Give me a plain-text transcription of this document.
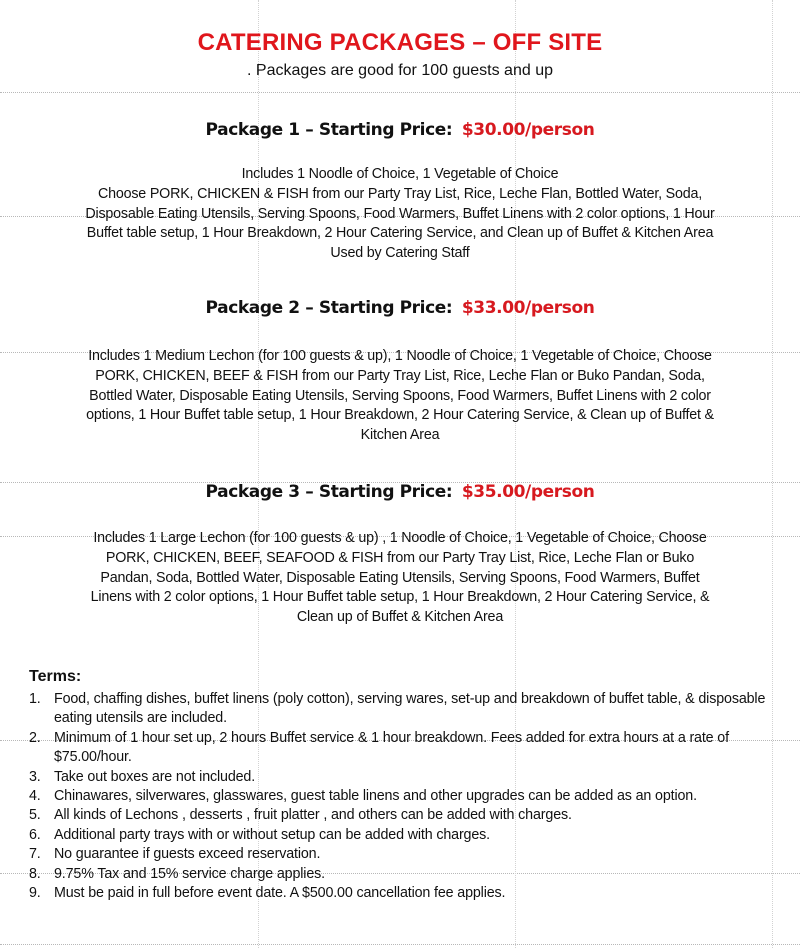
CATERING PACKAGES – OFF SITE
. Packages are good for 100 guests and up
Package 1 – Starting Price: $30.00/person
Includes 1 Noodle of Choice, 1 Vegetable of Choice
Choose PORK, CHICKEN & FISH from our Party Tray List, Rice, Leche Flan, Bottled Water, Soda,
Disposable Eating Utensils, Serving Spoons, Food Warmers, Buffet Linens with 2 color options, 1 Hour
Buffet table setup, 1 Hour Breakdown, 2 Hour Catering Service, and Clean up of Buffet & Kitchen Area
Used by Catering Staff
Package 2 – Starting Price: $33.00/person
Includes 1 Medium Lechon (for 100 guests & up), 1 Noodle of Choice, 1 Vegetable of Choice, Choose
PORK, CHICKEN, BEEF & FISH from our Party Tray List, Rice, Leche Flan or Buko Pandan, Soda,
Bottled Water, Disposable Eating Utensils, Serving Spoons, Food Warmers, Buffet Linens with 2 color
options, 1 Hour Buffet table setup, 1 Hour Breakdown, 2 Hour Catering Service, & Clean up of Buffet &
Kitchen Area
Package 3 – Starting Price: $35.00/person
Includes 1 Large Lechon (for 100 guests & up) , 1 Noodle of Choice, 1 Vegetable of Choice, Choose
PORK, CHICKEN, BEEF, SEAFOOD & FISH from our Party Tray List, Rice, Leche Flan or Buko
Pandan, Soda, Bottled Water, Disposable Eating Utensils, Serving Spoons, Food Warmers, Buffet
Linens with 2 color options, 1 Hour Buffet table setup, 1 Hour Breakdown, 2 Hour Catering Service, &
Clean up of Buffet & Kitchen Area
Terms:
1. Food, chaffing dishes, buffet linens (poly cotton), serving wares, set-up and breakdown of buffet table, & disposable eating utensils are included.
2. Minimum of 1 hour set up, 2 hours Buffet service & 1 hour breakdown. Fees added for extra hours at a rate of $75.00/hour.
3. Take out boxes are not included.
4. Chinawares, silverwares, glasswares, guest table linens and other upgrades can be added as an option.
5. All kinds of Lechons , desserts , fruit platter , and others can be added with charges.
6. Additional party trays with or without setup can be added with charges.
7. No guarantee if guests exceed reservation.
8. 9.75% Tax and 15% service charge applies.
9. Must be paid in full before event date. A $500.00 cancellation fee applies.
